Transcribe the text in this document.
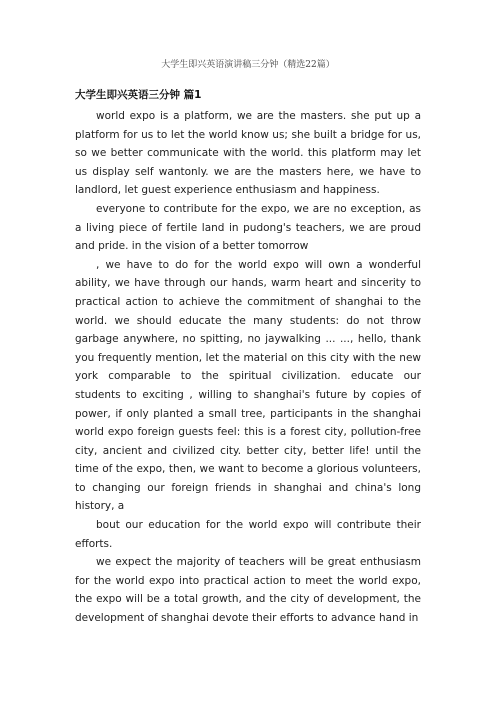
大学生即兴英语演讲稿三分钟（精选22篇）
大学生即兴英语三分钟 篇1

world expo is a platform, we are the masters. she put up a platform for us to let the world know us; she built a bridge for us, so we better communicate with the world. this platform may let us display self wantonly. we are the masters here, we have to landlord, let guest experience enthusiasm and happiness.

everyone to contribute for the expo, we are no exception, as a living piece of fertile land in pudong's teachers, we are proud and pride. in the vision of a better tomorrow

, we have to do for the world expo will own a wonderful ability, we have through our hands, warm heart and sincerity to practical action to achieve the commitment of shanghai to the world. we should educate the many students: do not throw garbage anywhere, no spitting, no jaywalking ... ..., hello, thank you frequently mention, let the material on this city with the new york comparable to the spiritual civilization. educate our students to exciting , willing to shanghai's future by copies of power, if only planted a small tree, participants in the shanghai world expo foreign guests feel: this is a forest city, pollution-free city, ancient and civilized city. better city, better life! until the time of the expo, then, we want to become a glorious volunteers, to changing our foreign friends in shanghai and china's long history, a

bout our education for the world expo will contribute their efforts.

we expect the majority of teachers will be great enthusiasm for the world expo into practical action to meet the world expo, the expo will be a total growth, and the city of development, the development of shanghai devote their efforts to advance hand in
